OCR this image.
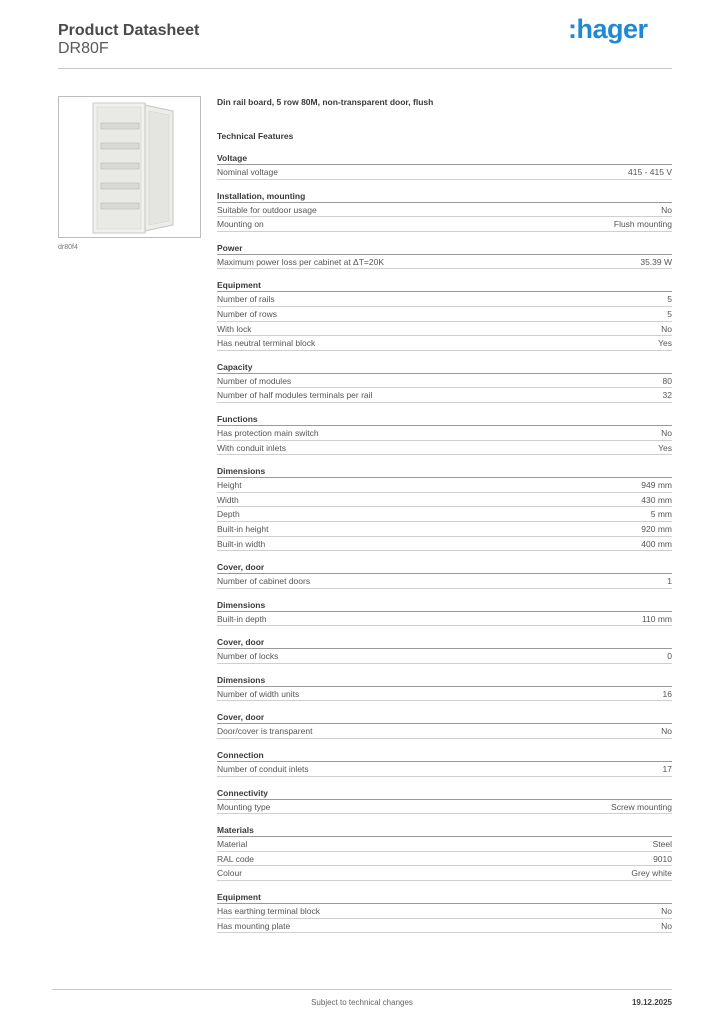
Product Datasheet
DR80F
:hager
dr80f4
Din rail board, 5 row 80M, non-transparent door, flush
Technical Features
Voltage
Nominal voltage	415 - 415 V
Installation, mounting
Suitable for outdoor usage	No
Mounting on	Flush mounting
Power
Maximum power loss per cabinet at ΔT=20K	35.39 W
Equipment
Number of rails	5
Number of rows	5
With lock	No
Has neutral terminal block	Yes
Capacity
Number of modules	80
Number of half modules terminals per rail	32
Functions
Has protection main switch	No
With conduit inlets	Yes
Dimensions
Height	949 mm
Width	430 mm
Depth	5 mm
Built-in height	920 mm
Built-in width	400 mm
Cover, door
Number of cabinet doors	1
Dimensions
Built-in depth	110 mm
Cover, door
Number of locks	0
Dimensions
Number of width units	16
Cover, door
Door/cover is transparent	No
Connection
Number of conduit inlets	17
Connectivity
Mounting type	Screw mounting
Materials
Material	Steel
RAL code	9010
Colour	Grey white
Equipment
Has earthing terminal block	No
Has mounting plate	No
Subject to technical changes	19.12.2025
